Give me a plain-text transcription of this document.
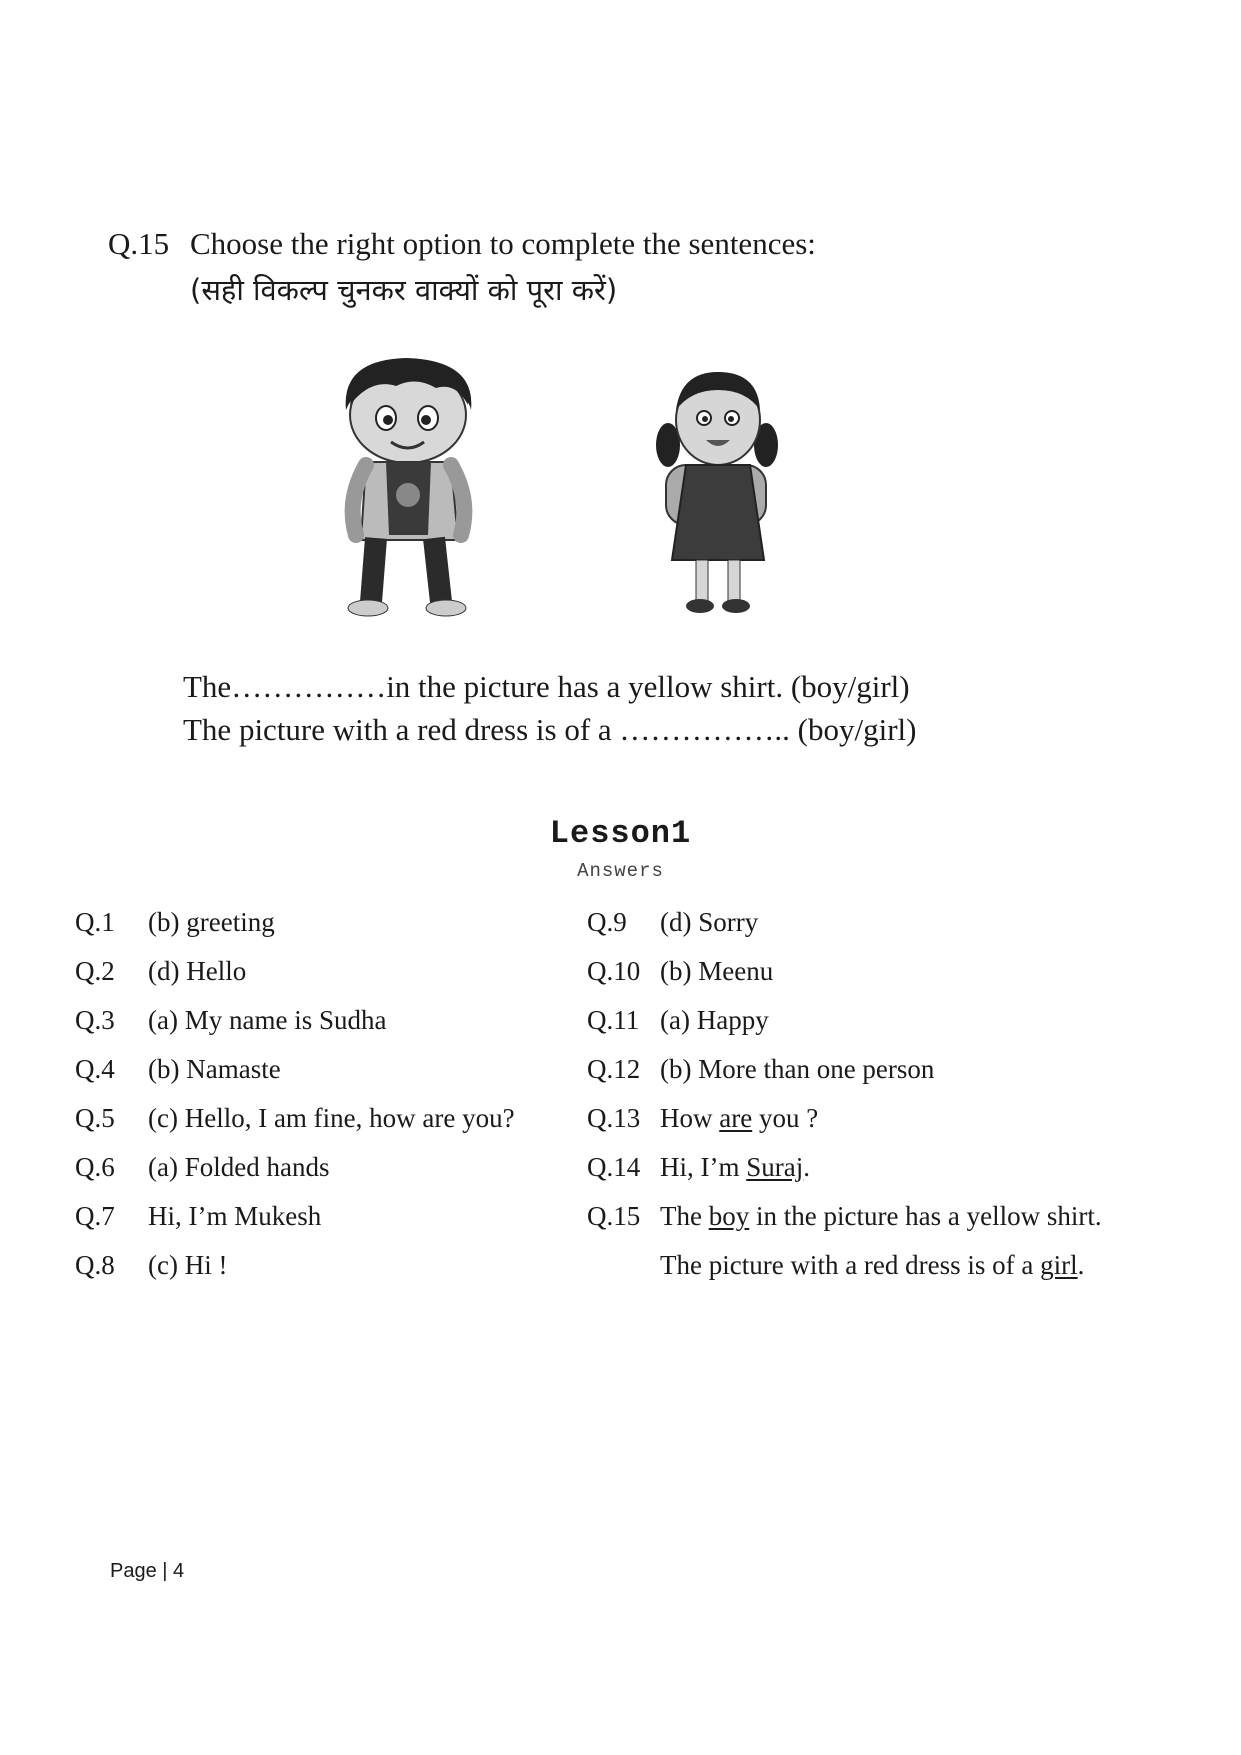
Q.15 Choose the right option to complete the sentences:
(सही विकल्प चुनकर वाक्यों को पूरा करें)
The……………in the picture has a yellow shirt. (boy/girl)
The picture with a red dress is of a …………….. (boy/girl)
Lesson1
Answers
Q.1	(b) greeting
Q.2	(d) Hello
Q.3	(a) My name is Sudha
Q.4	(b) Namaste
Q.5	(c) Hello, I am fine, how are you?
Q.6	(a) Folded hands
Q.7	Hi, I’m Mukesh
Q.8	(c) Hi !
Q.9	(d) Sorry
Q.10 (b) Meenu
Q.11 (a) Happy
Q.12 (b) More than one person
Q.13 How are you ?
Q.14 Hi, I’m Suraj.
Q.15 The boy in the picture has a yellow shirt.
The picture with a red dress is of a girl.
Page | 4
